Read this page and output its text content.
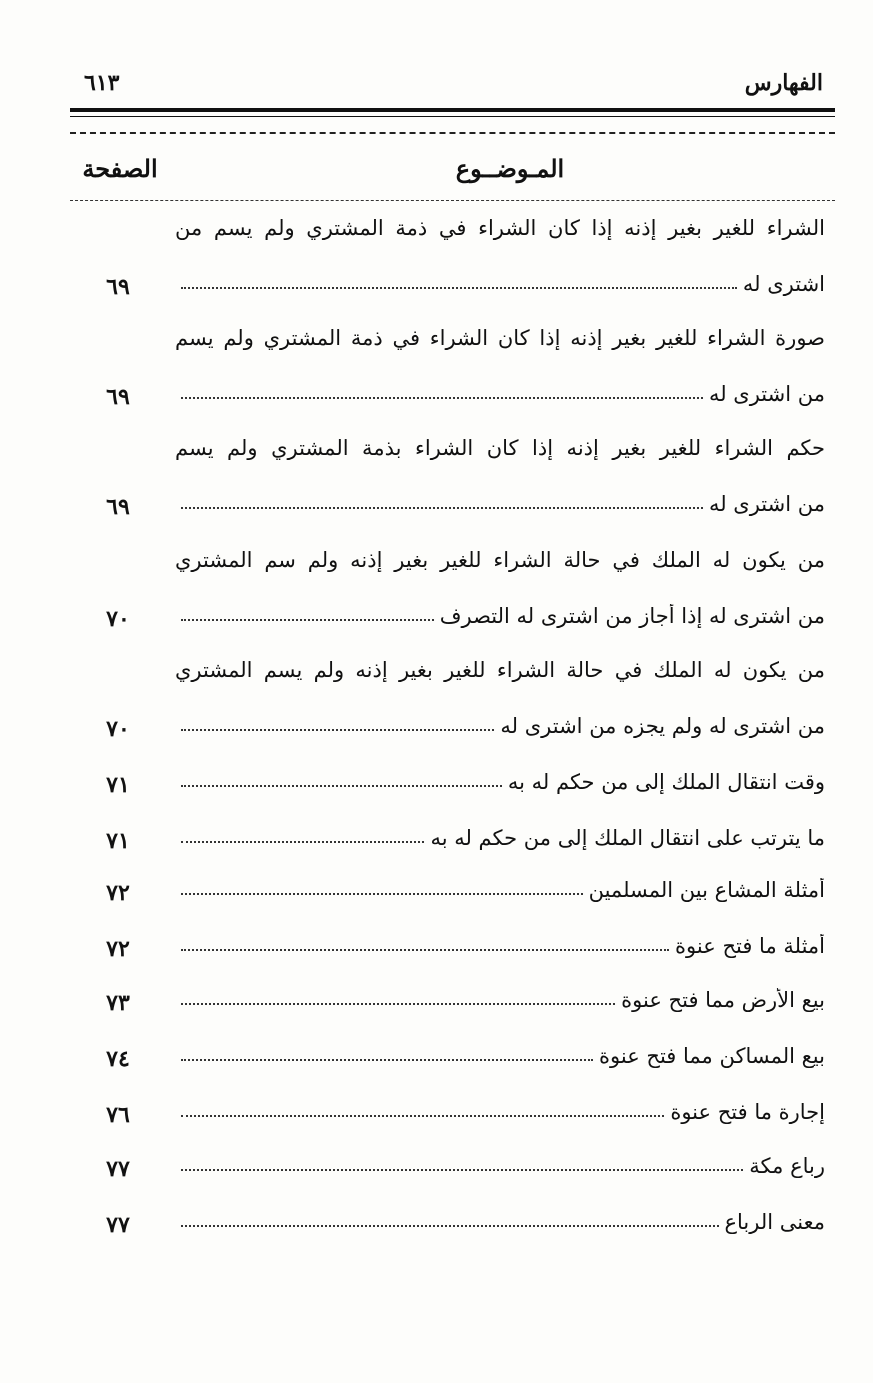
الفهارس
٦١٣
المـوضــوع
الصفحة
الشراء للغير بغير إذنه إذا كان الشراء في ذمة المشتري ولم يسم من
اشترى له
٦٩
صورة الشراء للغير بغير إذنه إذا كان الشراء في ذمة المشتري ولم يسم
من اشترى له
٦٩
حكم الشراء للغير بغير إذنه إذا كان الشراء بذمة المشتري ولم يسم
من اشترى له
٦٩
من يكون له الملك في حالة الشراء للغير بغير إذنه ولم سم المشتري
من اشترى له إذا أجاز من اشترى له التصرف
٧٠
من يكون له الملك في حالة الشراء للغير بغير إذنه ولم يسم المشتري
من اشترى له ولم يجزه من اشترى له
٧٠
وقت انتقال الملك إلى من حكم له به
٧١
ما يترتب على انتقال الملك إلى من حكم له به
٧١
أمثلة المشاع بين المسلمين
٧٢
أمثلة ما فتح عنوة
٧٢
بيع الأرض مما فتح عنوة
٧٣
بيع المساكن مما فتح عنوة
٧٤
إجارة ما فتح عنوة
٧٦
رباع مكة
٧٧
معنى الرباع
٧٧
